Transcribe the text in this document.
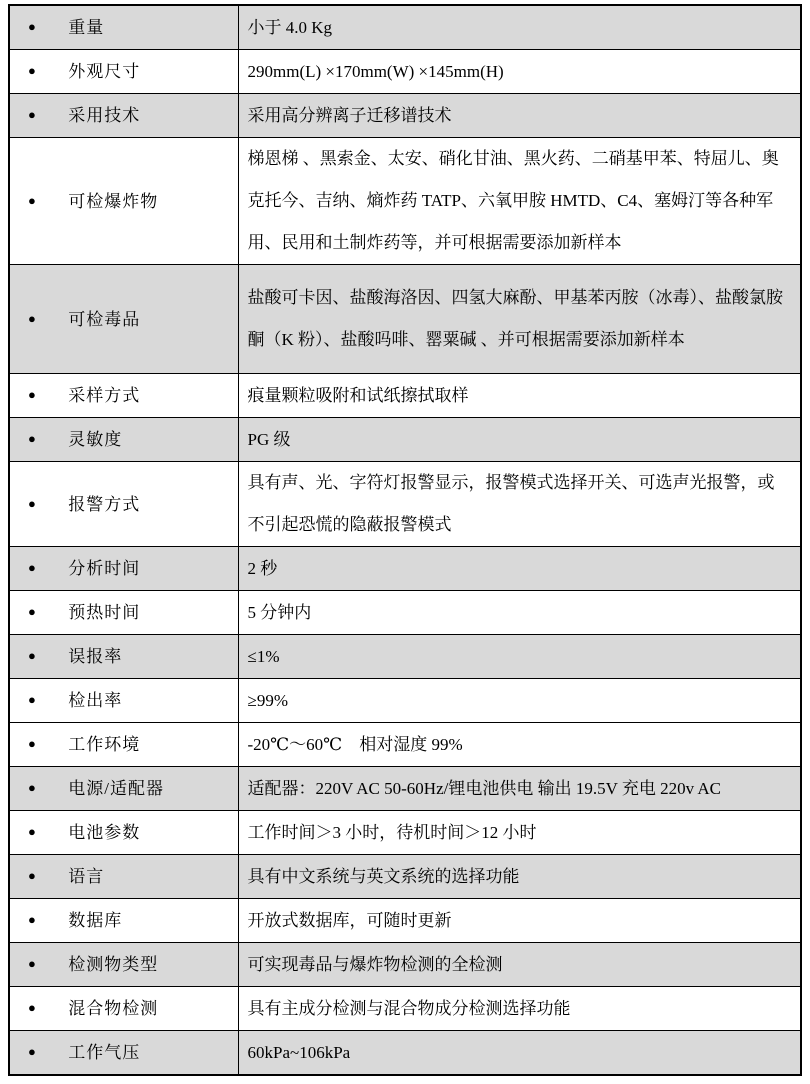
● 重量	小于 4.0 Kg
● 外观尺寸	290mm(L) ×170mm(W) ×145mm(H)
● 采用技术	采用高分辨离子迁移谱技术
● 可检爆炸物	梯恩梯 、黑索金、太安、硝化甘油、黑火药、二硝基甲苯、特屈儿、奥克托今、吉纳、熵炸药 TATP、六氧甲胺 HMTD、C4、塞姆汀等各种军用、民用和土制炸药等，并可根据需要添加新样本
● 可检毒品	盐酸可卡因、盐酸海洛因、四氢大麻酚、甲基苯丙胺（冰毒）、盐酸氯胺酮（K 粉）、盐酸吗啡、罂粟碱 、并可根据需要添加新样本
● 采样方式	痕量颗粒吸附和试纸擦拭取样
● 灵敏度	PG 级
● 报警方式	具有声、光、字符灯报警显示，报警模式选择开关、可选声光报警，或不引起恐慌的隐蔽报警模式
● 分析时间	2 秒
● 预热时间	5 分钟内
● 误报率	≤1%
● 检出率	≥99%
● 工作环境	-20℃～60℃　相对湿度 99%
● 电源/适配器	适配器：220V AC 50-60Hz/锂电池供电 输出 19.5V 充电 220v AC
● 电池参数	工作时间＞3 小时，待机时间＞12 小时
● 语言	具有中文系统与英文系统的选择功能
● 数据库	开放式数据库，可随时更新
● 检测物类型	可实现毒品与爆炸物检测的全检测
● 混合物检测	具有主成分检测与混合物成分检测选择功能
● 工作气压	60kPa~106kPa
